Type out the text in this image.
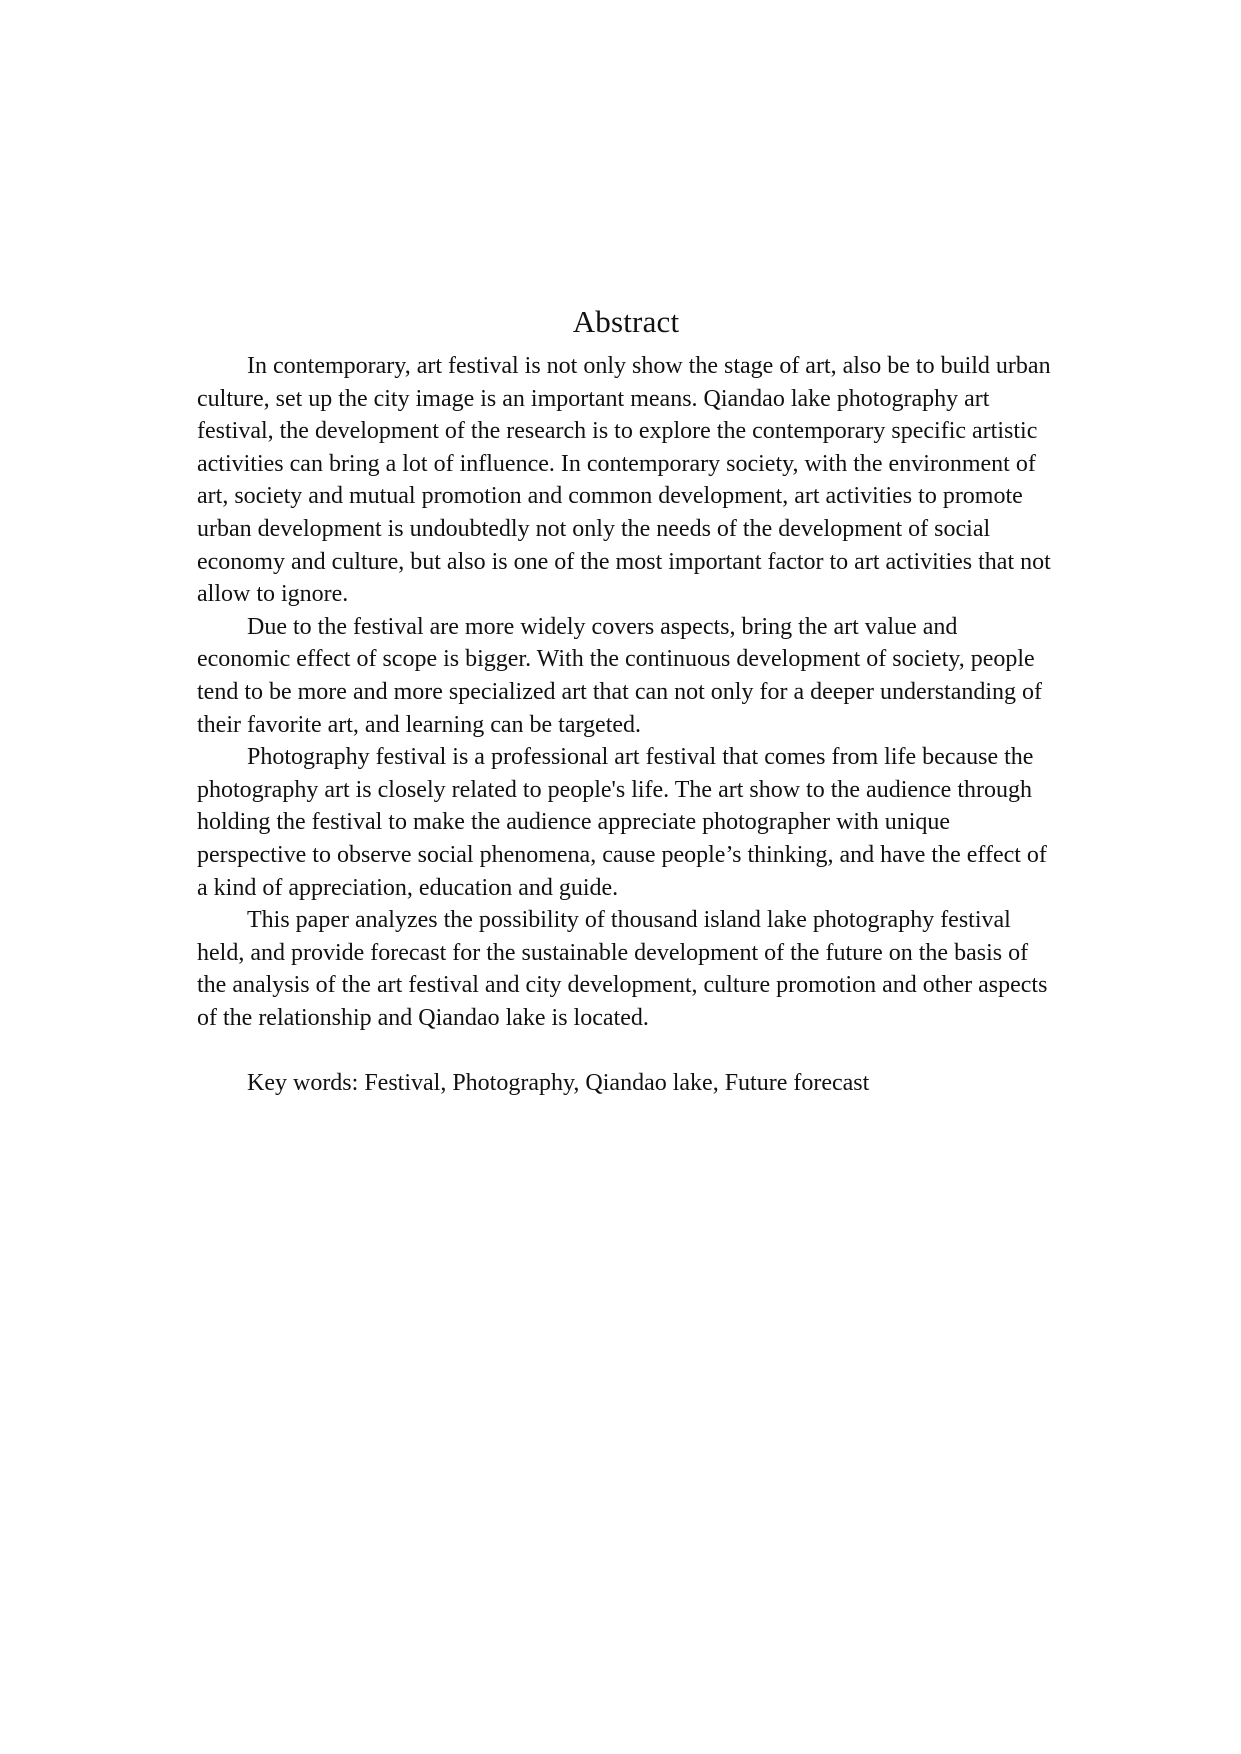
Abstract

In contemporary, art festival is not only show the stage of art, also be to build urban culture, set up the city image is an important means. Qiandao lake photography art festival, the development of the research is to explore the contemporary specific artistic activities can bring a lot of influence. In contemporary society, with the environment of art, society and mutual promotion and common development, art activities to promote urban development is undoubtedly not only the needs of the development of social economy and culture, but also is one of the most important factor to art activities that not allow to ignore.

Due to the festival are more widely covers aspects, bring the art value and economic effect of scope is bigger. With the continuous development of society, people tend to be more and more specialized art that can not only for a deeper understanding of their favorite art, and learning can be targeted.

Photography festival is a professional art festival that comes from life because the photography art is closely related to people's life. The art show to the audience through holding the festival to make the audience appreciate photographer with unique perspective to observe social phenomena, cause people’s thinking, and have the effect of a kind of appreciation, education and guide.

This paper analyzes the possibility of thousand island lake photography festival held, and provide forecast for the sustainable development of the future on the basis of the analysis of the art festival and city development, culture promotion and other aspects of the relationship and Qiandao lake is located.

Key words: Festival, Photography, Qiandao lake, Future forecast
